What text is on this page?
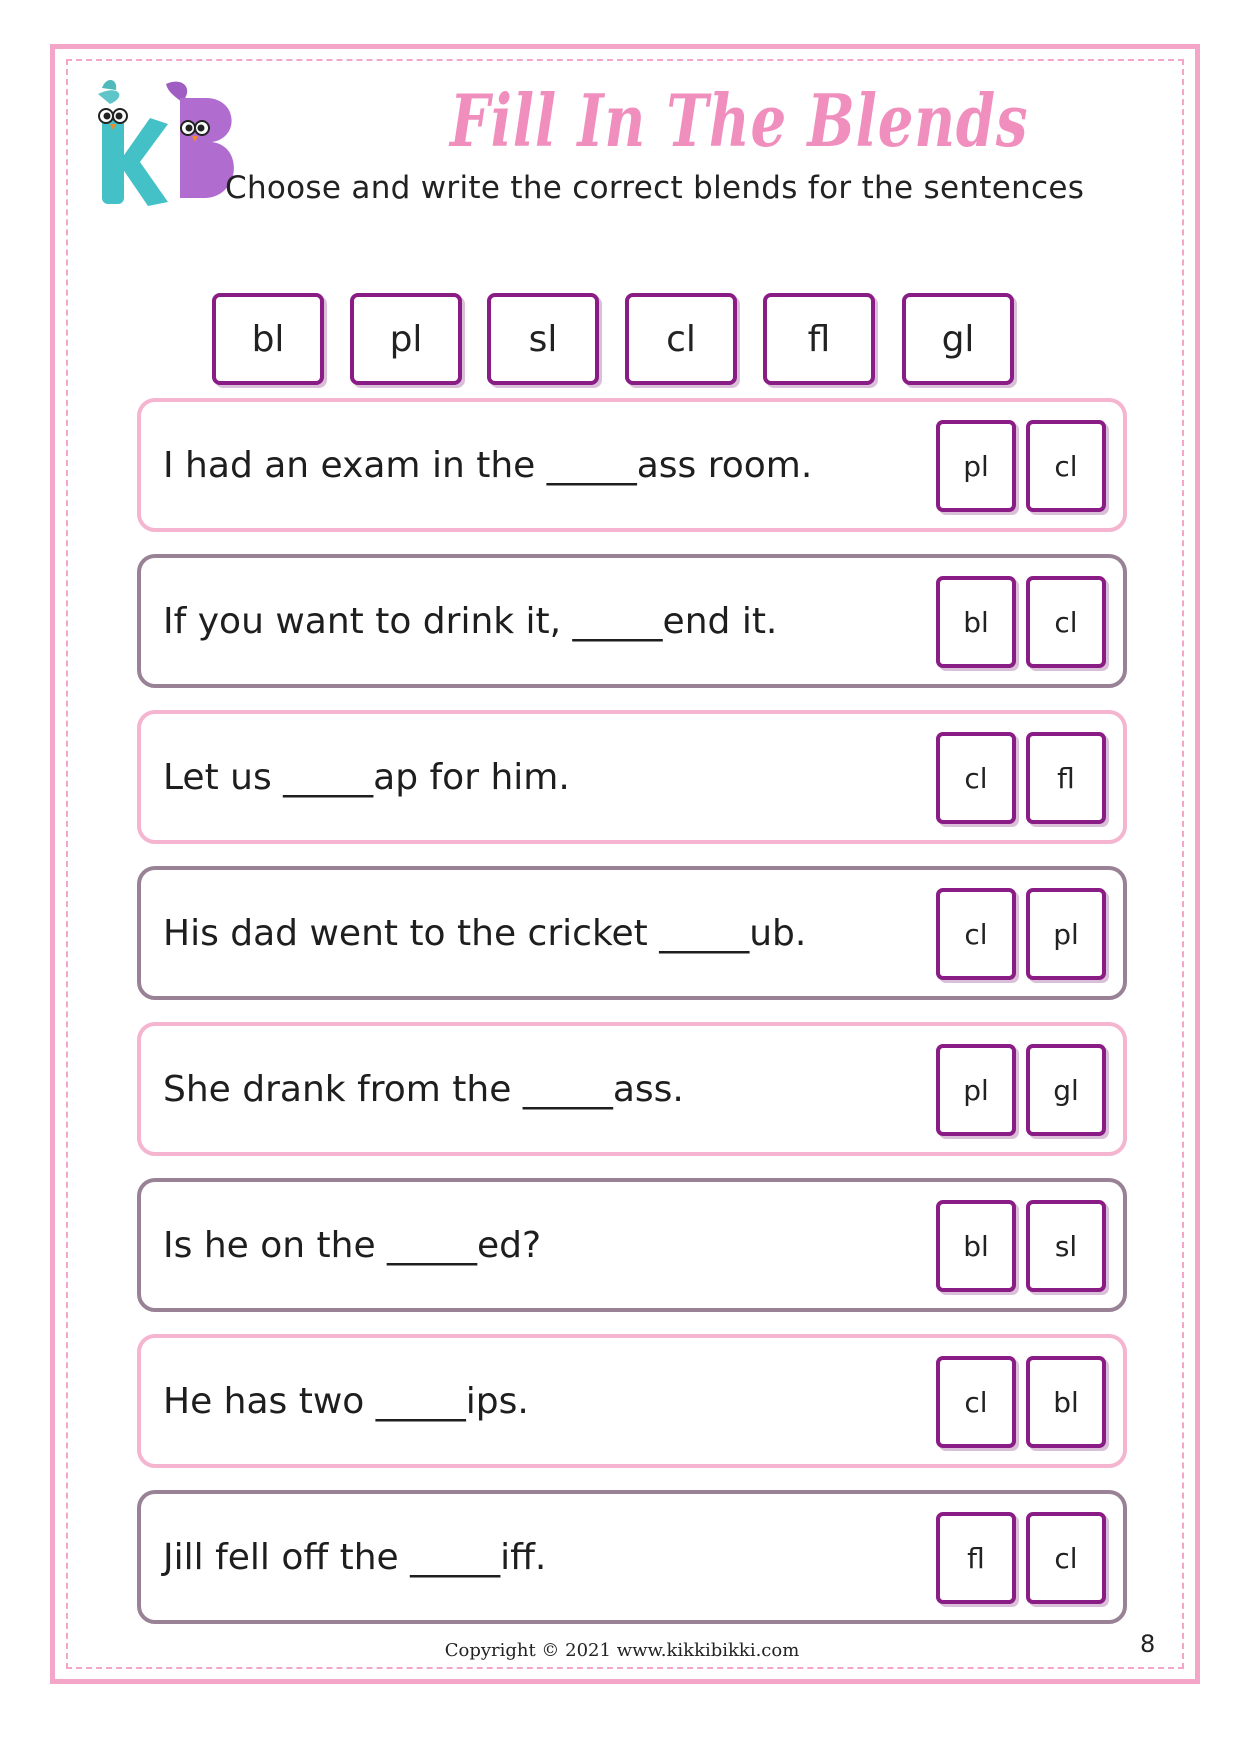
Fill In The Blends

Choose and write the correct blends for the sentences

bl	pl	sl	cl	fl	gl

I had an exam in the _____ass room.	pl	cl

If you want to drink it, _____end it.	bl	cl

Let us _____ap for him.	cl	fl

His dad went to the cricket _____ub.	cl	pl

She drank from the _____ass.	pl	gl

Is he on the _____ed?	bl	sl

He has two _____ips.	cl	bl

Jill fell off the _____iff.	fl	cl

Copyright © 2021 www.kikkibikki.com	8
